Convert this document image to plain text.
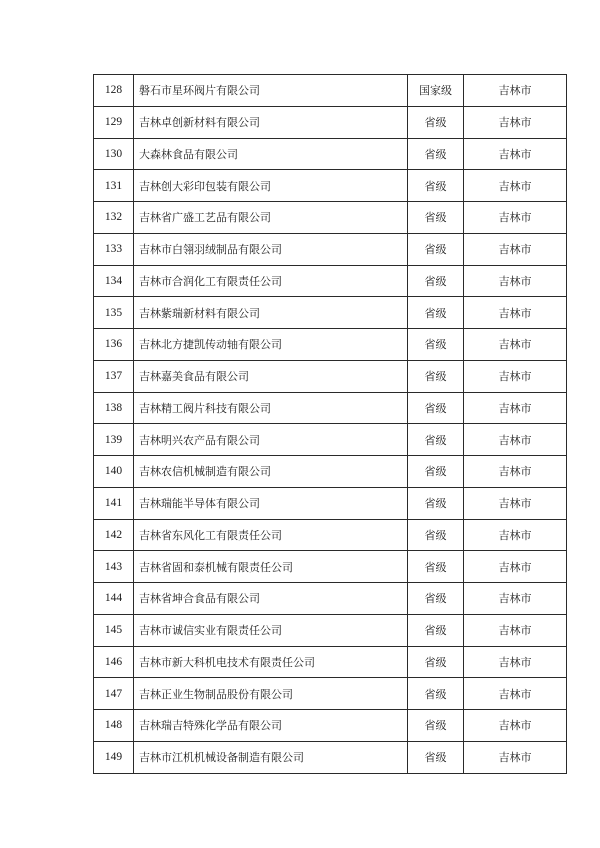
128	磐石市星环阀片有限公司	国家级	吉林市
129	吉林卓创新材料有限公司	省级	吉林市
130	大森林食品有限公司	省级	吉林市
131	吉林创大彩印包装有限公司	省级	吉林市
132	吉林省广盛工艺品有限公司	省级	吉林市
133	吉林市白翎羽绒制品有限公司	省级	吉林市
134	吉林市合润化工有限责任公司	省级	吉林市
135	吉林紫瑞新材料有限公司	省级	吉林市
136	吉林北方捷凯传动轴有限公司	省级	吉林市
137	吉林嘉美食品有限公司	省级	吉林市
138	吉林精工阀片科技有限公司	省级	吉林市
139	吉林明兴农产品有限公司	省级	吉林市
140	吉林农信机械制造有限公司	省级	吉林市
141	吉林瑞能半导体有限公司	省级	吉林市
142	吉林省东风化工有限责任公司	省级	吉林市
143	吉林省固和泰机械有限责任公司	省级	吉林市
144	吉林省坤合食品有限公司	省级	吉林市
145	吉林市诚信实业有限责任公司	省级	吉林市
146	吉林市新大科机电技术有限责任公司	省级	吉林市
147	吉林正业生物制品股份有限公司	省级	吉林市
148	吉林瑞吉特殊化学品有限公司	省级	吉林市
149	吉林市江机机械设备制造有限公司	省级	吉林市
